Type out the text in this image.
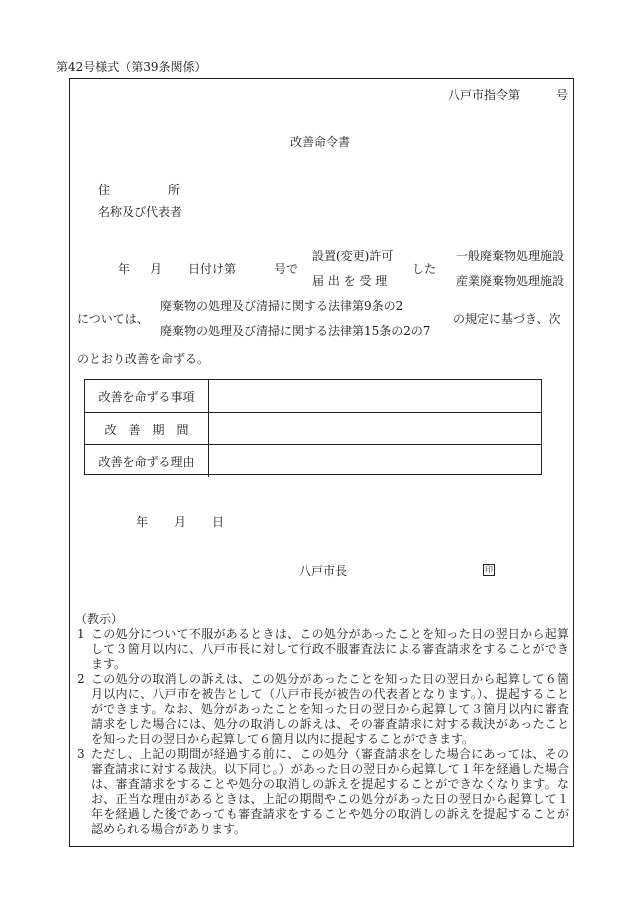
第42号様式（第39条関係）
八戸市指令第　　　号
改善命令書
住	所
名称及び代表者
年 月 日付け第	号で
設置(変更)許可
届 出 を 受 理
した
一般廃棄物処理施設
産業廃棄物処理施設
については、
廃棄物の処理及び清掃に関する法律第9条の2
廃棄物の処理及び清掃に関する法律第15条の2の7
の規定に基づき、次
のとおり改善を命ずる。
改善を命ずる事項
改　善　期　間
改善を命ずる理由
年 月 日
八戸市長	印
（教示）
1 この処分について不服があるときは、この処分があったことを知った日の翌日から起算して３箇月以内に、八戸市長に対して行政不服審査法による審査請求をすることができます。
2 この処分の取消しの訴えは、この処分があったことを知った日の翌日から起算して６箇月以内に、八戸市を被告として（八戸市長が被告の代表者となります。）、提起することができます。なお、処分があったことを知った日の翌日から起算して３箇月以内に審査請求をした場合には、処分の取消しの訴えは、その審査請求に対する裁決があったことを知った日の翌日から起算して６箇月以内に提起することができます。
3 ただし、上記の期間が経過する前に、この処分（審査請求をした場合にあっては、その審査請求に対する裁決。以下同じ。）があった日の翌日から起算して１年を経過した場合は、審査請求をすることや処分の取消しの訴えを提起することができなくなります。なお、正当な理由があるときは、上記の期間やこの処分があった日の翌日から起算して１年を経過した後であっても審査請求をすることや処分の取消しの訴えを提起することが認められる場合があります。
